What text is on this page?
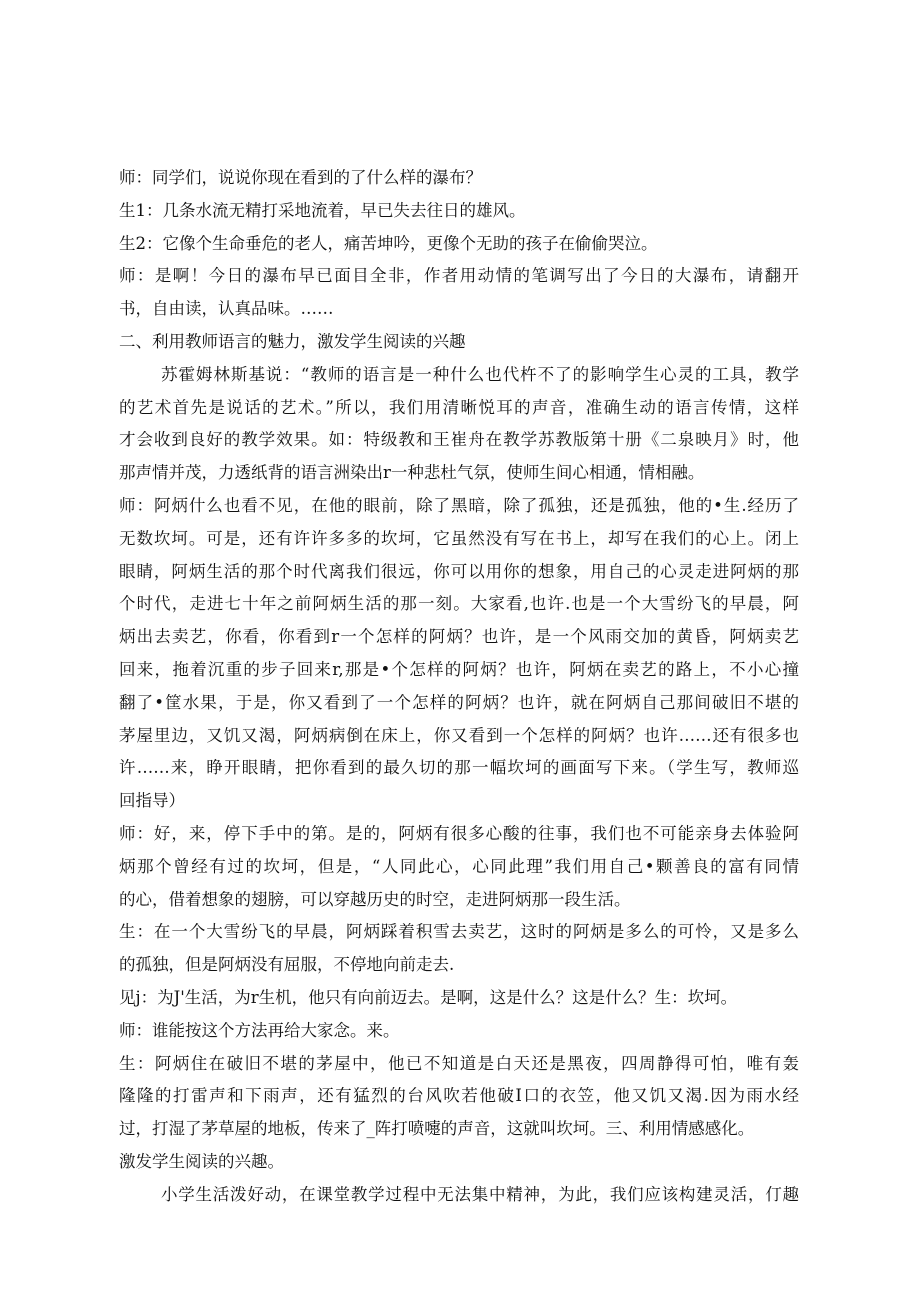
师：同学们，说说你现在看到的了什么样的瀑布？
生1：几条水流无精打采地流着，早已失去往日的雄风。
生2：它像个生命垂危的老人，痛苦坤吟，更像个无助的孩子在偷偷哭泣。
师：是啊！今日的瀑布早已面目全非，作者用动情的笔调写出了今日的大瀑布，请翻开
书，自由读，认真品味。……
二、利用教师语言的魅力，激发学生阅读的兴趣
苏霍姆林斯基说：“教师的语言是一种什么也代杵不了的影响学生心灵的工具，教学
的艺术首先是说话的艺术。”所以，我们用清晰悦耳的声音，准确生动的语言传情，这样
才会收到良好的教学效果。如：特级教和王崔舟在教学苏教版第十册《二泉映月》时，他
那声情并茂，力透纸背的语言洲染出r一种悲杜气氛，使师生间心相通，情相融。
师：阿炳什么也看不见，在他的眼前，除了黑暗，除了孤独，还是孤独，他的•生.经历了
无数坎坷。可是，还有许许多多的坎坷，它虽然没有写在书上，却写在我们的心上。闭上
眼睛，阿炳生活的那个时代离我们很远，你可以用你的想象，用自己的心灵走进阿炳的那
个时代，走进七十年之前阿炳生活的那一刻。大家看,也许.也是一个大雪纷飞的早晨，阿
炳出去卖艺，你看，你看到r一个怎样的阿炳？也许，是一个风雨交加的黄昏，阿炳卖艺
回来，拖着沉重的步子回来r,那是•个怎样的阿炳？也许，阿炳在卖艺的路上，不小心撞
翻了•筐水果，于是，你又看到了一个怎样的阿炳？也许，就在阿炳自己那间破旧不堪的
茅屋里边，又饥又渴，阿炳病倒在床上，你又看到一个怎样的阿炳？也许……还有很多也
许……来，睁开眼睛，把你看到的最久切的那一幅坎坷的画面写下来。（学生写，教师巡
回指导）
师：好，来，停下手中的第。是的，阿炳有很多心酸的往事，我们也不可能亲身去体验阿
炳那个曾经有过的坎坷，但是，“人同此心，心同此理”我们用自己•颗善良的富有同情
的心，借着想象的翅膀，可以穿越历史的时空，走进阿炳那一段生活。
生：在一个大雪纷飞的早晨，阿炳踩着积雪去卖艺，这时的阿炳是多么的可怜，又是多么
的孤独，但是阿炳没有屈服，不停地向前走去.
见j：为J'生活，为r生机，他只有向前迈去。是啊，这是什么？这是什么？生：坎坷。
师：谁能按这个方法再给大家念。来。
生：阿炳住在破旧不堪的茅屋中，他已不知道是白天还是黑夜，四周静得可怕，唯有轰
隆隆的打雷声和下雨声，还有猛烈的台风吹若他破I口的衣笠，他又饥又渴.因为雨水经
过，打湿了茅草屋的地板，传来了_阵打喷嚏的声音，这就叫坎坷。三、利用情感感化。
激发学生阅读的兴趣。
小学生活泼好动，在课堂教学过程中无法集中精神，为此，我们应该构建灵活，仃趣
